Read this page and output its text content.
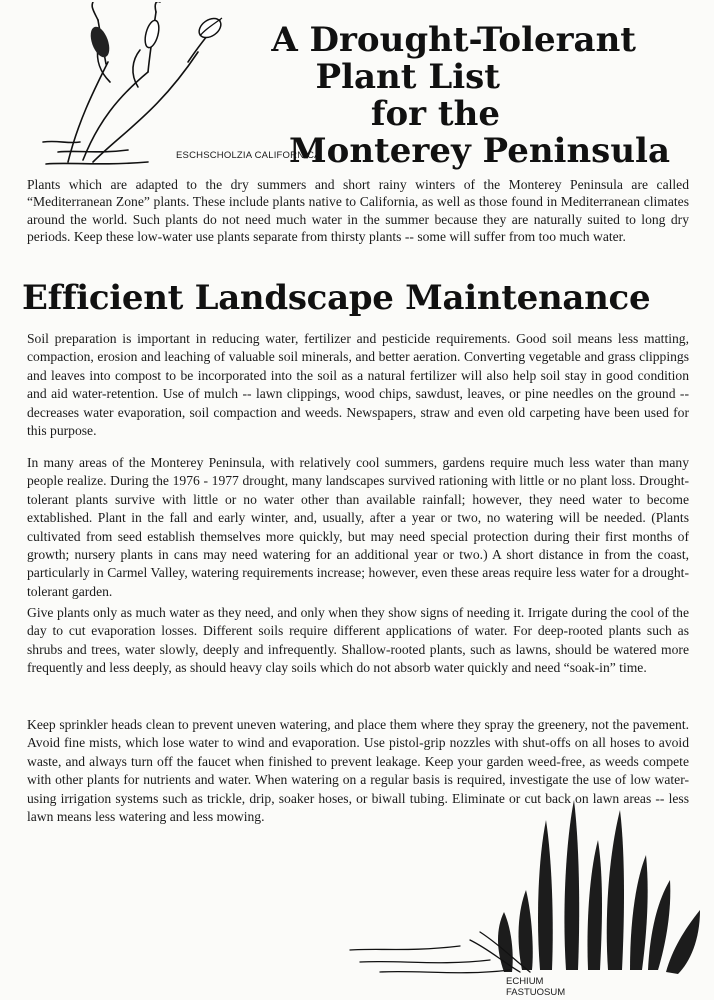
ESCHSCHOLZIA CALIFORNICA
A Drought-Tolerant
Plant List for the
Monterey Peninsula

Plants which are adapted to the dry summers and short rainy winters of the Monterey Peninsula are called “Mediterranean Zone” plants. These include plants native to California, as well as those found in Mediterranean climates around the world. Such plants do not need much water in the summer because they are naturally suited to long dry periods. Keep these low-water use plants separate from thirsty plants -- some will suffer from too much water.

Efficient Landscape Maintenance

Soil preparation is important in reducing water, fertilizer and pesticide requirements. Good soil means less matting, compaction, erosion and leaching of valuable soil minerals, and better aeration. Converting vegetable and grass clippings and leaves into compost to be incorporated into the soil as a natural fertilizer will also help soil stay in good condition and aid water-retention. Use of mulch -- lawn clippings, wood chips, sawdust, leaves, or pine needles on the ground -- decreases water evaporation, soil compaction and weeds. Newspapers, straw and even old carpeting have been used for this purpose.

In many areas of the Monterey Peninsula, with relatively cool summers, gardens require much less water than many people realize. During the 1976 - 1977 drought, many landscapes survived rationing with little or no plant loss. Drought-tolerant plants survive with little or no water other than available rainfall; however, they need water to become extablished. Plant in the fall and early winter, and, usually, after a year or two, no watering will be needed. (Plants cultivated from seed establish themselves more quickly, but may need special protection during their first months of growth; nursery plants in cans may need watering for an additional year or two.) A short distance in from the coast, particularly in Carmel Valley, watering requirements increase; however, even these areas require less water for a drought-tolerant garden.

Give plants only as much water as they need, and only when they show signs of needing it. Irrigate during the cool of the day to cut evaporation losses. Different soils require different applications of water. For deep-rooted plants such as shrubs and trees, water slowly, deeply and infrequently. Shallow-rooted plants, such as lawns, should be watered more frequently and less deeply, as should heavy clay soils which do not absorb water quickly and need “soak-in” time.

Keep sprinkler heads clean to prevent uneven watering, and place them where they spray the greenery, not the pavement. Avoid fine mists, which lose water to wind and evaporation. Use pistol-grip nozzles with shut-offs on all hoses to avoid waste, and always turn off the faucet when finished to prevent leakage. Keep your garden weed-free, as weeds compete with other plants for nutrients and water. When watering on a regular basis is required, investigate the use of low water-using irrigation systems such as trickle, drip, soaker hoses, or biwall tubing. Eliminate or cut back on lawn areas -- less lawn means less watering and less mowing.

ECHIUM
FASTUOSUM
